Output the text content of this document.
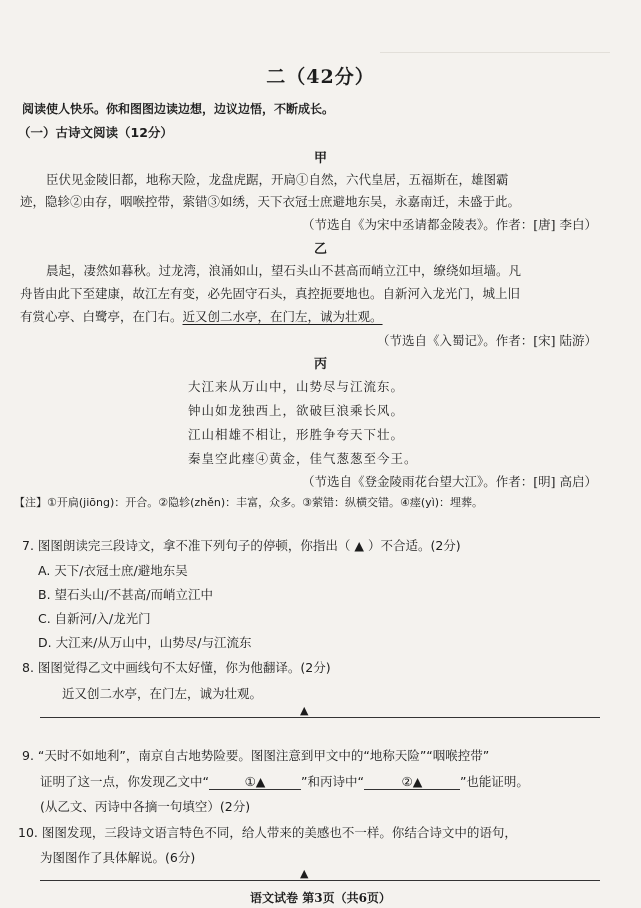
二（42分）
阅读使人快乐。你和图图边读边想，边议边悟，不断成长。
（一）古诗文阅读（12分）
甲
臣伏见金陵旧都，地称天险，龙盘虎踞，开扃①自然，六代皇居，五福斯在，雄图霸
迹，隐轸②由存，咽喉控带，萦错③如绣，天下衣冠士庶避地东吴，永嘉南迁，未盛于此。
（节选自《为宋中丞请都金陵表》。作者：[唐] 李白）
乙
晨起，凄然如暮秋。过龙湾，浪涌如山，望石头山不甚高而峭立江中，缭绕如垣墙。凡
舟皆由此下至建康，故江左有变，必先固守石头，真控扼要地也。自新河入龙光门，城上旧
有赏心亭、白鹭亭，在门右。近又创二水亭，在门左，诚为壮观。
（节选自《入蜀记》。作者：[宋] 陆游）
丙
大江来从万山中，山势尽与江流东。
钟山如龙独西上，欲破巨浪乘长风。
江山相雄不相让，形胜争夸天下壮。
秦皇空此瘗④黄金，佳气葱葱至今王。
（节选自《登金陵雨花台望大江》。作者：[明] 高启）
【注】①开扃(jiōng)：开合。②隐轸(zhěn)：丰富，众多。③萦错：纵横交错。④瘗(yì)：埋葬。
7. 图图朗读完三段诗文，拿不准下列句子的停顿，你指出（ ▲ ）不合适。(2分)
A. 天下/衣冠士庶/避地东吴
B. 望石头山/不甚高/而峭立江中
C. 自新河/入/龙光门
D. 大江来/从万山中，山势尽/与江流东
8. 图图觉得乙文中画线句不太好懂，你为他翻译。(2分)
近又创二水亭，在门左，诚为壮观。
▲
9. “天时不如地利”，南京自古地势险要。图图注意到甲文中的“地称天险”“咽喉控带”
证明了这一点，你发现乙文中“	①▲	”和丙诗中“	②▲	”也能证明。
(从乙文、丙诗中各摘一句填空）(2分)
10. 图图发现，三段诗文语言特色不同，给人带来的美感也不一样。你结合诗文中的语句，
为图图作了具体解说。(6分)
▲
语文试卷 第3页（共6页）
